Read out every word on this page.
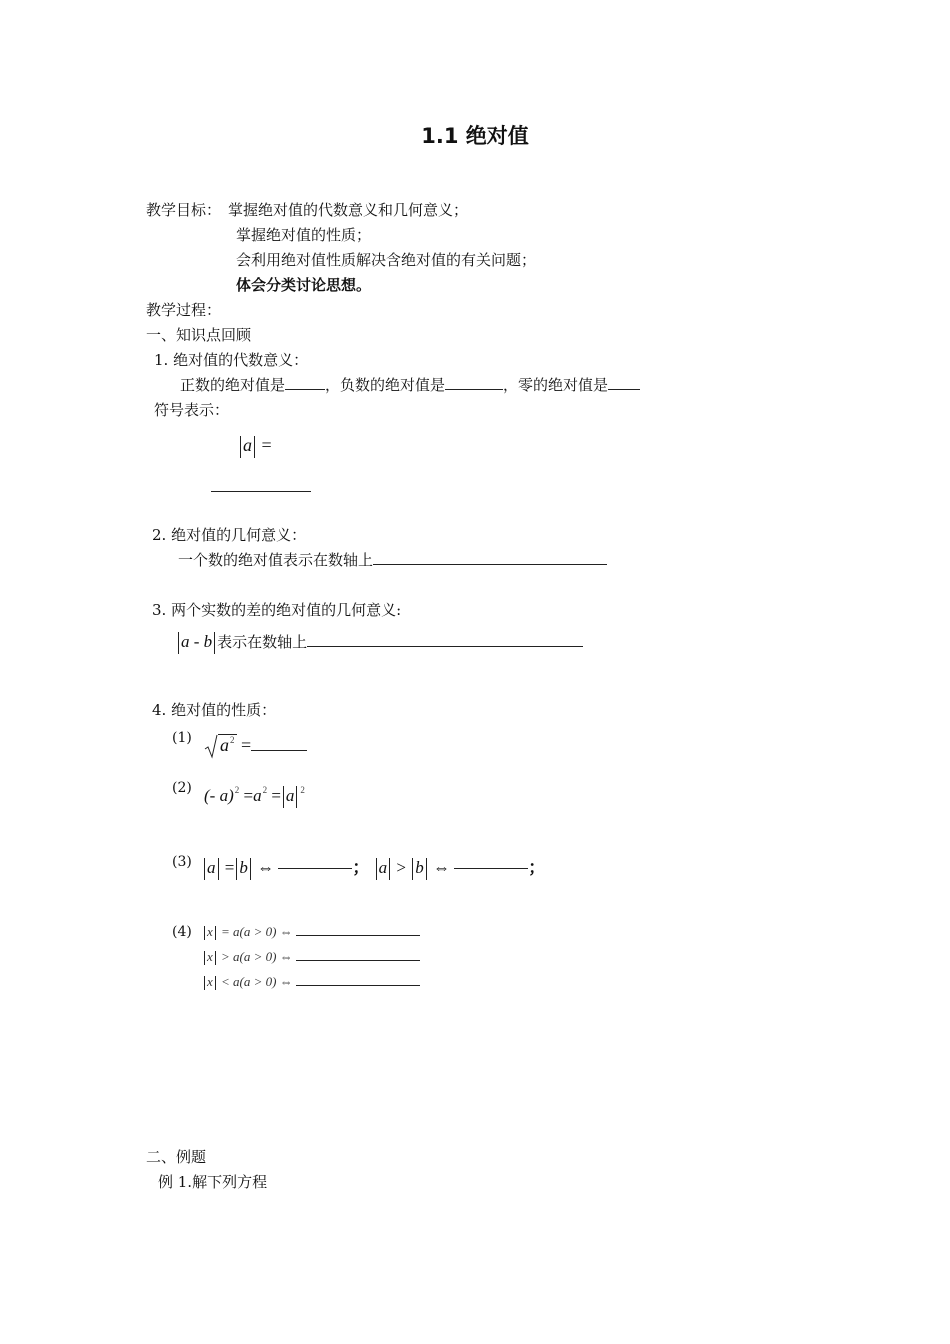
1.1 绝对值
教学目标： 掌握绝对值的代数意义和几何意义；
掌握绝对值的性质；
会利用绝对值性质解决含绝对值的有关问题；
体会分类讨论思想。
教学过程：
一、知识点回顾
1. 绝对值的代数意义：
正数的绝对值是	，负数的绝对值是	，零的绝对值是
符号表示：
a =
2. 绝对值的几何意义：
一个数的绝对值表示在数轴上
3. 两个实数的差的绝对值的几何意义:
a - b 表示在数轴上
4. 绝对值的性质：
(1)	$a^2$ =
(2) (- $a)^2 =a^2 = a$ $^2$
(3) a = b ⇔	； a > b ⇔	；
(4)	x = a(a > 0) ⇔
x > a(a > 0) ⇔
x < a(a > 0) ⇔
二、例题
例 1.解下列方程
